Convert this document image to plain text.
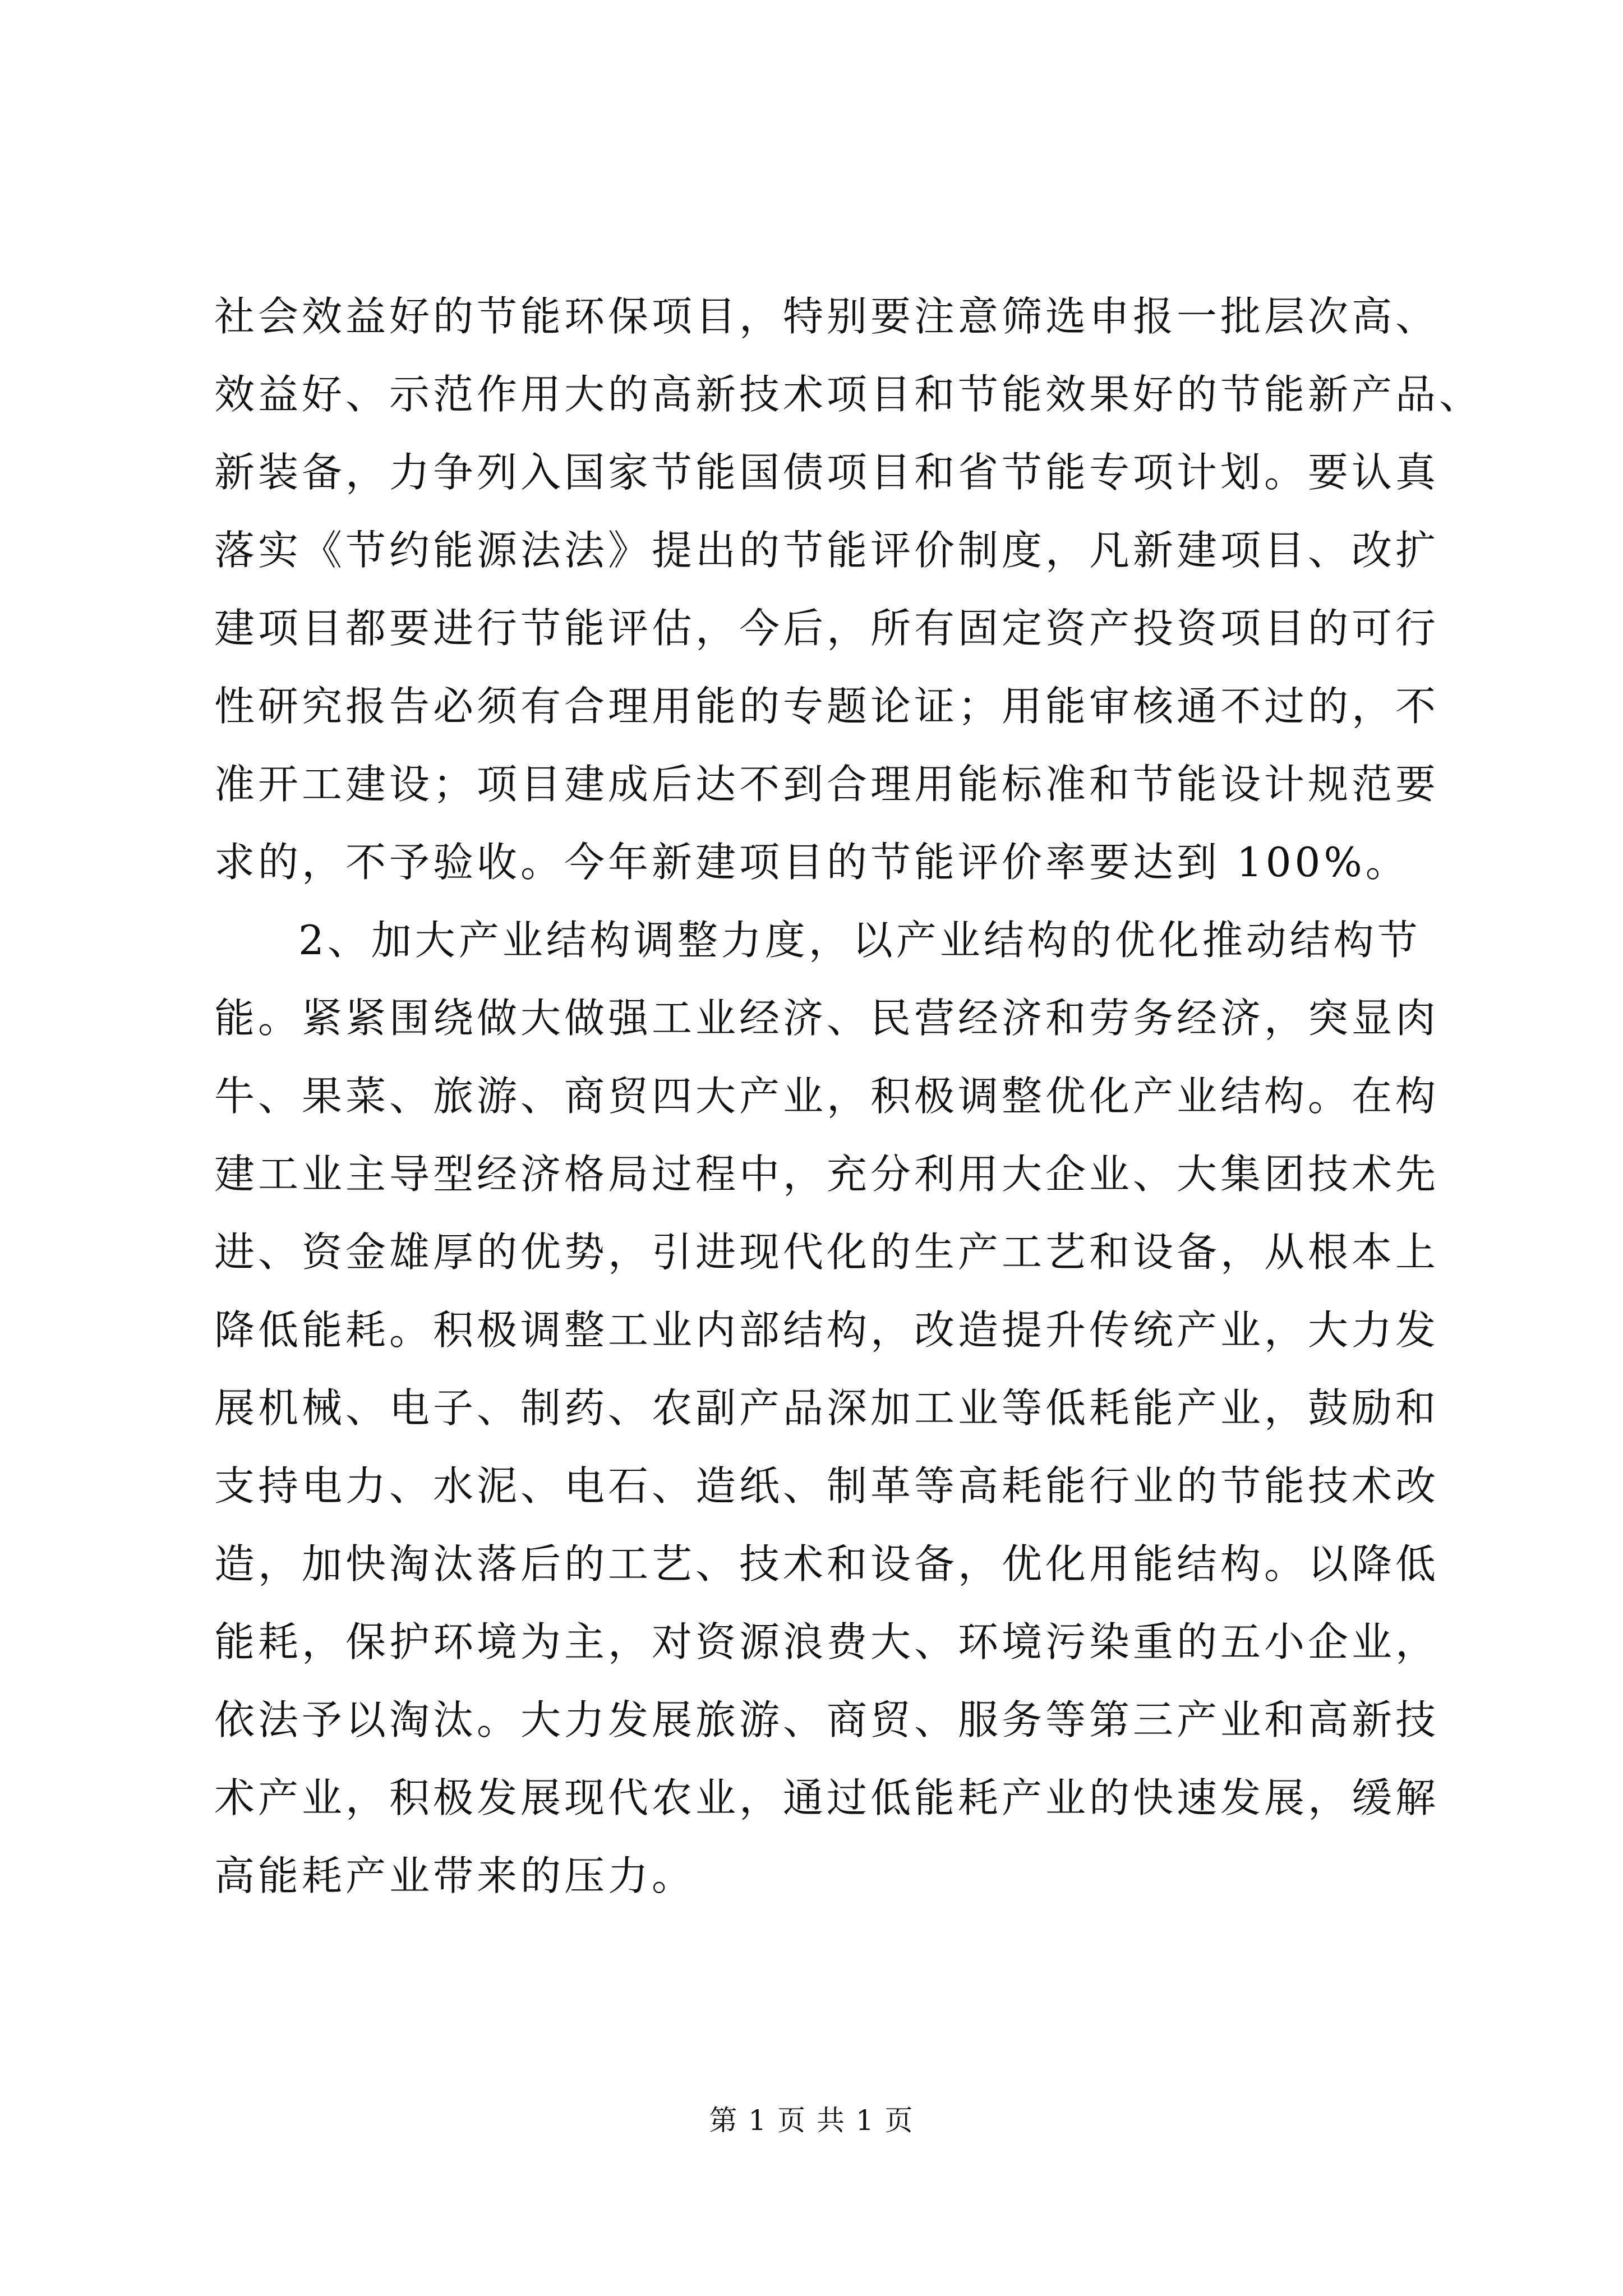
社会效益好的节能环保项目，特别要注意筛选申报一批层次高、
效益好、示范作用大的高新技术项目和节能效果好的节能新产品、
新装备，力争列入国家节能国债项目和省节能专项计划。要认真
落实《节约能源法法》提出的节能评价制度，凡新建项目、改扩
建项目都要进行节能评估，今后，所有固定资产投资项目的可行
性研究报告必须有合理用能的专题论证；用能审核通不过的，不
准开工建设；项目建成后达不到合理用能标准和节能设计规范要
求的，不予验收。今年新建项目的节能评价率要达到 100%。
2、加大产业结构调整力度，以产业结构的优化推动结构节
能。紧紧围绕做大做强工业经济、民营经济和劳务经济，突显肉
牛、果菜、旅游、商贸四大产业，积极调整优化产业结构。在构
建工业主导型经济格局过程中，充分利用大企业、大集团技术先
进、资金雄厚的优势，引进现代化的生产工艺和设备，从根本上
降低能耗。积极调整工业内部结构，改造提升传统产业，大力发
展机械、电子、制药、农副产品深加工业等低耗能产业，鼓励和
支持电力、水泥、电石、造纸、制革等高耗能行业的节能技术改
造，加快淘汰落后的工艺、技术和设备，优化用能结构。以降低
能耗，保护环境为主，对资源浪费大、环境污染重的五小企业，
依法予以淘汰。大力发展旅游、商贸、服务等第三产业和高新技
术产业，积极发展现代农业，通过低能耗产业的快速发展，缓解
高能耗产业带来的压力。
第 1 页 共 1 页
